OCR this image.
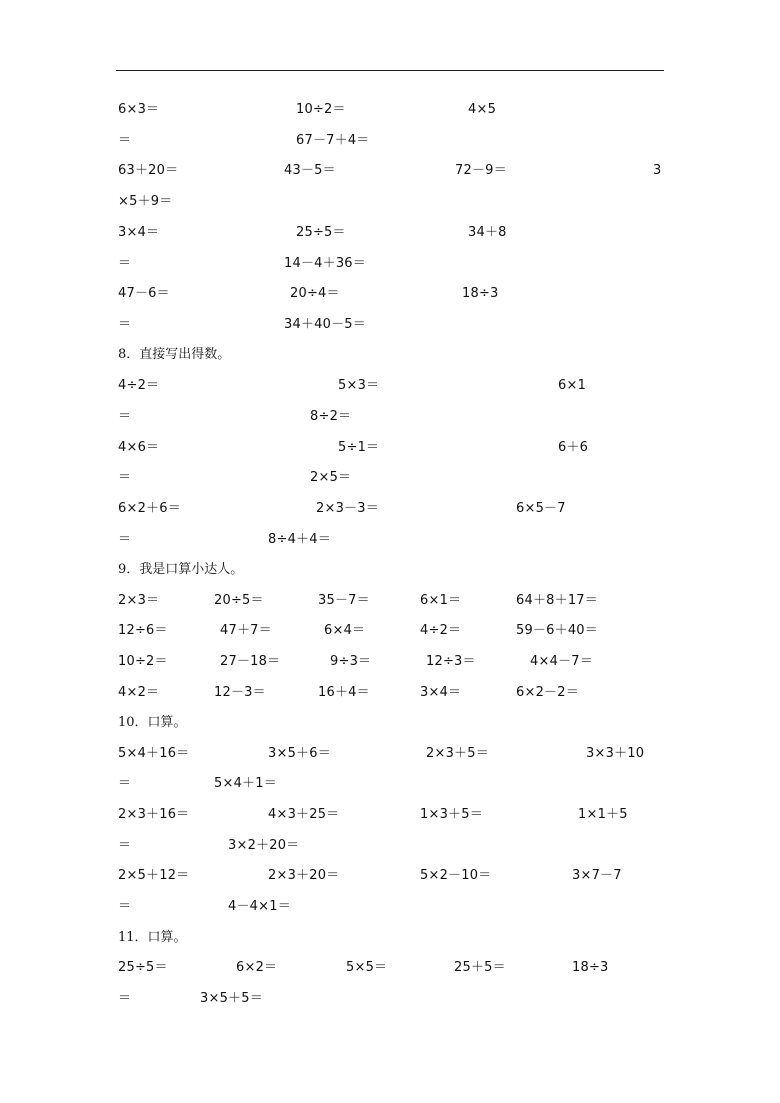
6×3＝	10÷2＝	4×5
＝	67－7＋4＝
63＋20＝	43－5＝	72－9＝	3
×5＋9＝
3×4＝	25÷5＝	34＋8
＝	14－4＋36＝
47－6＝	20÷4＝	18÷3
＝	34＋40－5＝
8．直接写出得数。
4÷2＝	5×3＝	6×1
＝	8÷2＝
4×6＝	5÷1＝	6＋6
＝	2×5＝
6×2＋6＝	2×3－3＝	6×5－7
＝	8÷4＋4＝
9．我是口算小达人。
2×3＝	20÷5＝	35－7＝	6×1＝	64＋8＋17＝
12÷6＝	47＋7＝	6×4＝	4÷2＝	59－6＋40＝
10÷2＝	27－18＝	9÷3＝	12÷3＝	4×4－7＝
4×2＝	12－3＝	16＋4＝	3×4＝	6×2－2＝
10．口算。
5×4＋16＝	3×5＋6＝	2×3＋5＝	3×3＋10
＝	5×4＋1＝
2×3＋16＝	4×3＋25＝	1×3＋5＝	1×1＋5
＝	3×2＋20＝
2×5＋12＝	2×3＋20＝	5×2－10＝	3×7－7
＝	4－4×1＝
11．口算。
25÷5＝	6×2＝	5×5＝	25＋5＝	18÷3
＝	3×5＋5＝
